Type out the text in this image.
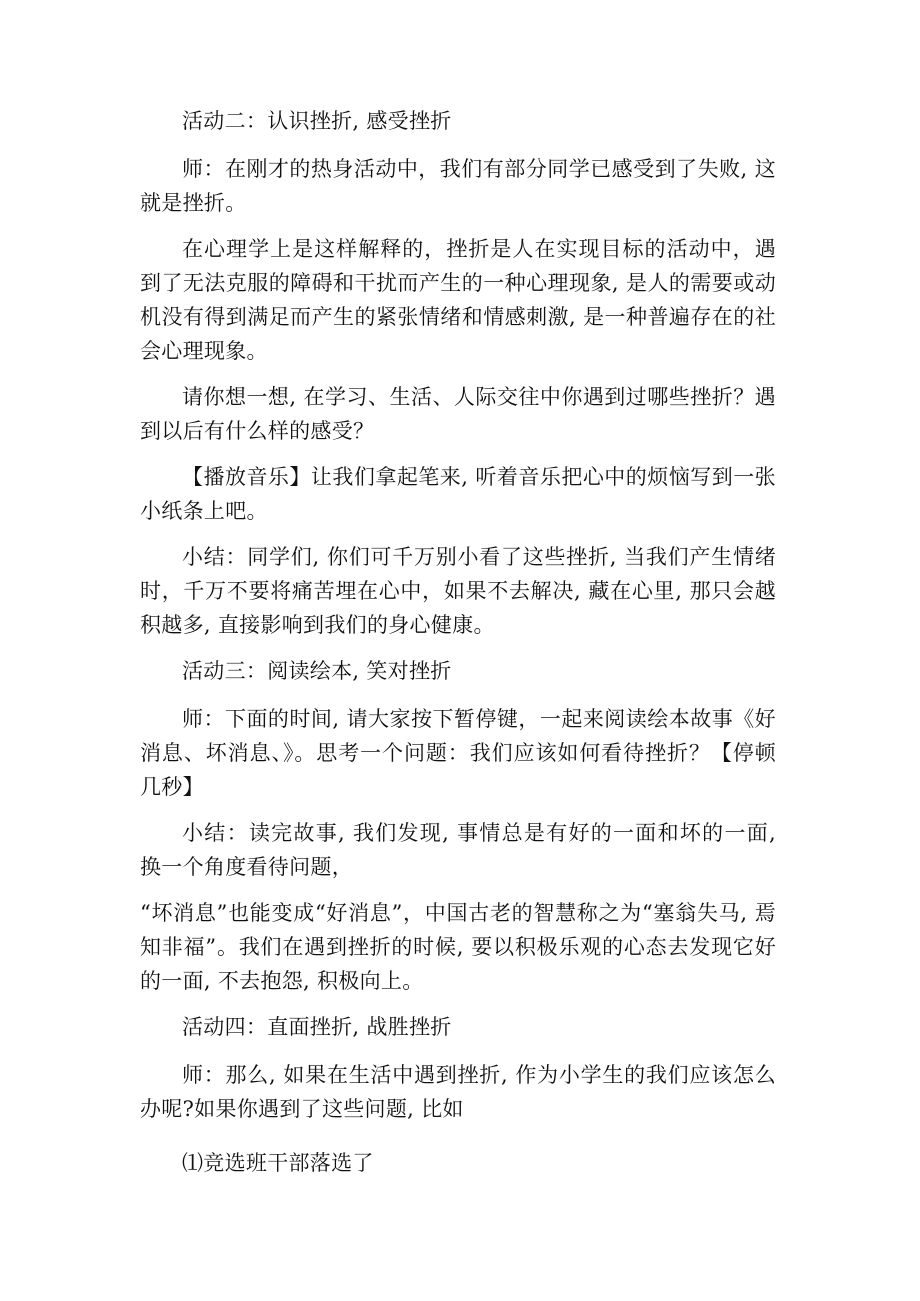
活动二：认识挫折, 感受挫折

师：在刚才的热身活动中，我们有部分同学已感受到了失败, 这就是挫折。

在心理学上是这样解释的，挫折是人在实现目标的活动中，遇到了无法克服的障碍和干扰而产生的一种心理现象, 是人的需要或动机没有得到满足而产生的紧张情绪和情感刺激, 是一种普遍存在的社会心理现象。

请你想一想, 在学习、生活、人际交往中你遇到过哪些挫折？遇到以后有什么样的感受？

【播放音乐】让我们拿起笔来, 听着音乐把心中的烦恼写到一张小纸条上吧。

小结：同学们, 你们可千万别小看了这些挫折, 当我们产生情绪时，千万不要将痛苦埋在心中，如果不去解决, 藏在心里, 那只会越积越多, 直接影响到我们的身心健康。

活动三：阅读绘本, 笑对挫折

师：下面的时间, 请大家按下暂停键，一起来阅读绘本故事《好消息、坏消息、》。思考一个问题：我们应该如何看待挫折？【停顿几秒】

小结：读完故事, 我们发现, 事情总是有好的一面和坏的一面, 换一个角度看待问题，

“坏消息”也能变成“好消息”，中国古老的智慧称之为“塞翁失马, 焉知非福”。我们在遇到挫折的时候, 要以积极乐观的心态去发现它好的一面, 不去抱怨, 积极向上。

活动四：直面挫折, 战胜挫折

师：那么, 如果在生活中遇到挫折, 作为小学生的我们应该怎么办呢?如果你遇到了这些问题, 比如

⑴竞选班干部落选了
